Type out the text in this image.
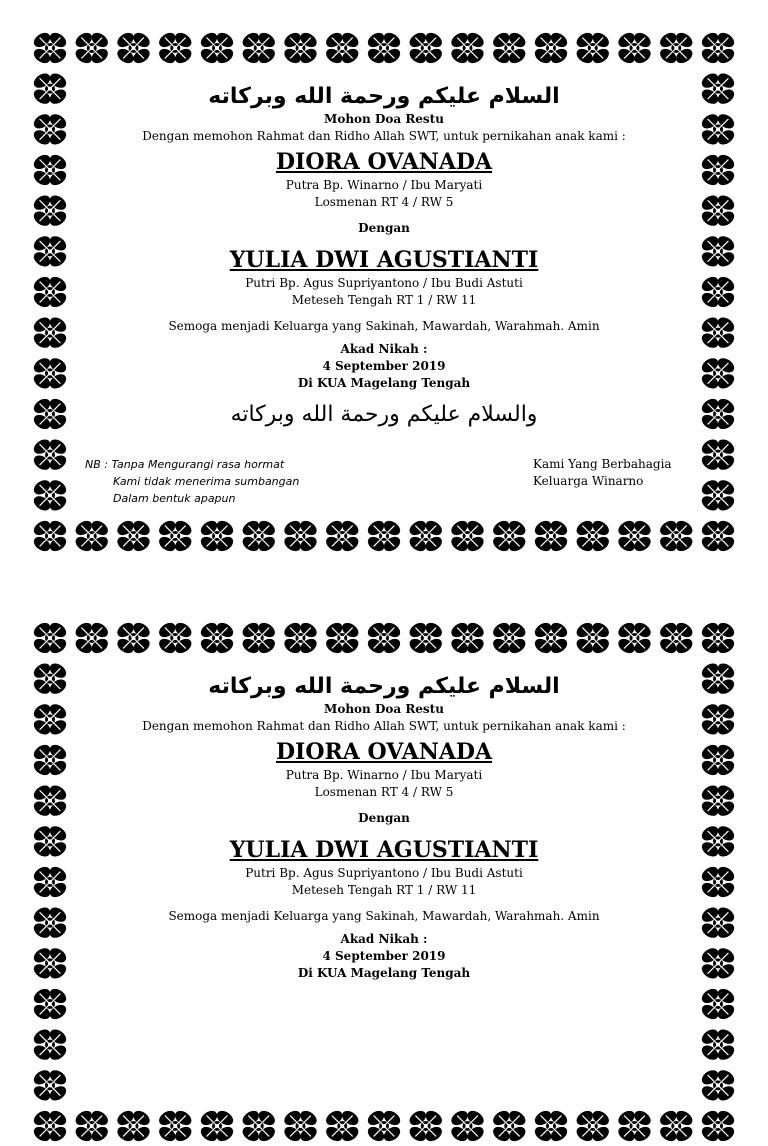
السلام عليكم ورحمة الله وبركاته
Mohon Doa Restu
Dengan memohon Rahmat dan Ridho Allah SWT, untuk pernikahan anak kami :
DIORA OVANADA
Putra Bp. Winarno / Ibu Maryati
Losmenan RT 4 / RW 5
Dengan
YULIA DWI AGUSTIANTI
Putri Bp. Agus Supriyantono / Ibu Budi Astuti
Meteseh Tengah RT 1 / RW 11
Semoga menjadi Keluarga yang Sakinah, Mawardah, Warahmah. Amin
Akad Nikah :
4 September 2019
Di KUA Magelang Tengah
والسلام عليكم ورحمة الله وبركاته
NB : Tanpa Mengurangi rasa hormat
Kami tidak menerima sumbangan
Dalam bentuk apapun
Kami Yang Berbahagia
Keluarga Winarno
السلام عليكم ورحمة الله وبركاته
Mohon Doa Restu
Dengan memohon Rahmat dan Ridho Allah SWT, untuk pernikahan anak kami :
DIORA OVANADA
Putra Bp. Winarno / Ibu Maryati
Losmenan RT 4 / RW 5
Dengan
YULIA DWI AGUSTIANTI
Putri Bp. Agus Supriyantono / Ibu Budi Astuti
Meteseh Tengah RT 1 / RW 11
Semoga menjadi Keluarga yang Sakinah, Mawardah, Warahmah. Amin
Akad Nikah :
4 September 2019
Di KUA Magelang Tengah
